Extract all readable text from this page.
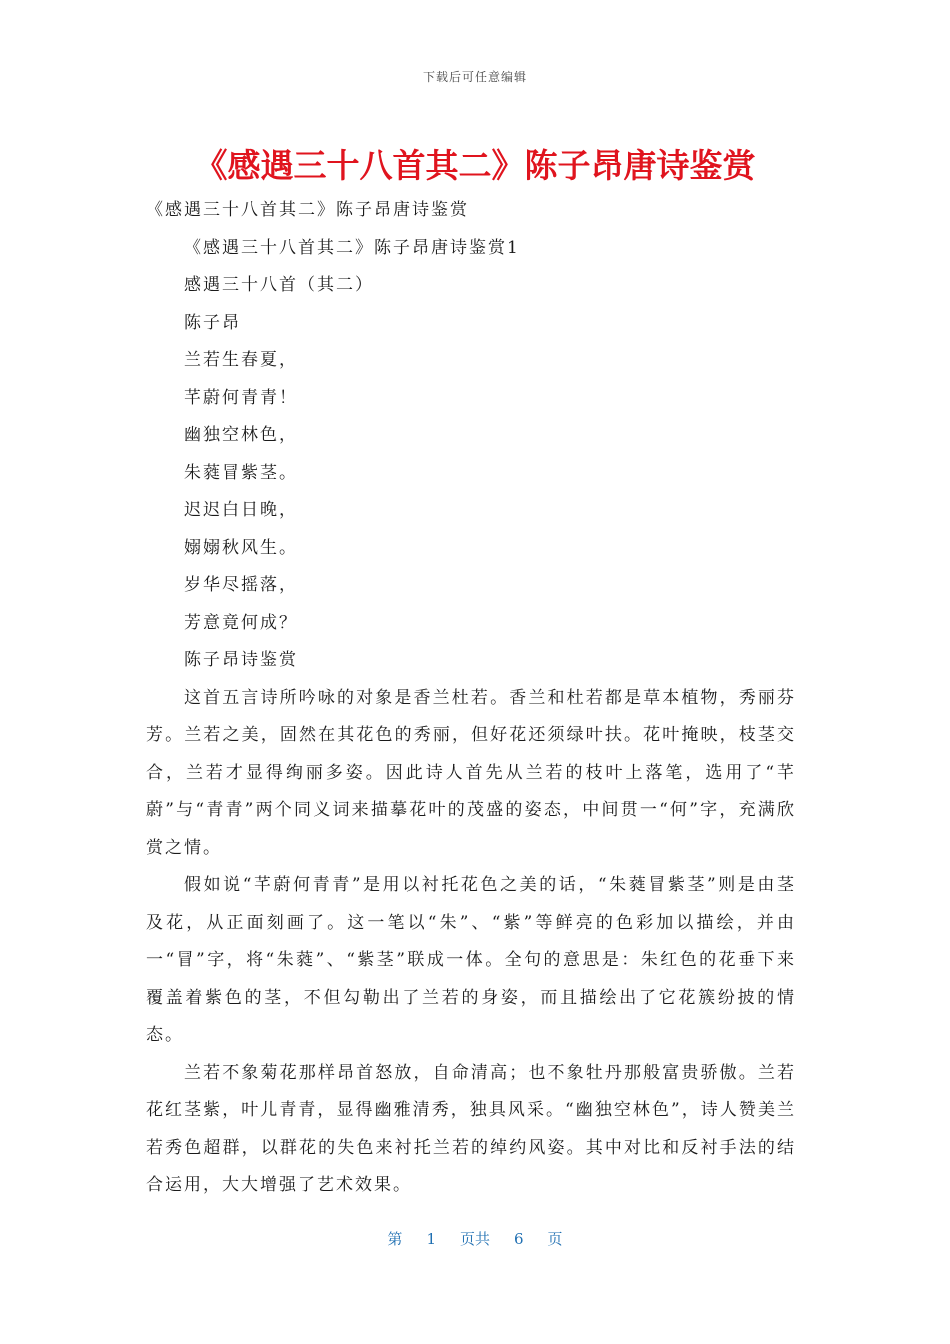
下载后可任意编辑
《感遇三十八首其二》陈子昂唐诗鉴赏

《感遇三十八首其二》陈子昂唐诗鉴赏

《感遇三十八首其二》陈子昂唐诗鉴赏1

感遇三十八首（其二）

陈子昂

兰若生春夏，

芊蔚何青青！

幽独空林色，

朱蕤冒紫茎。

迟迟白日晚，

嫋嫋秋风生。

岁华尽摇落，

芳意竟何成？

陈子昂诗鉴赏

这首五言诗所吟咏的对象是香兰杜若。香兰和杜若都是草本植物，秀丽芬芳。兰若之美，固然在其花色的秀丽，但好花还须绿叶扶。花叶掩映，枝茎交合，兰若才显得绚丽多姿。因此诗人首先从兰若的枝叶上落笔，选用了“芊蔚”与“青青”两个同义词来描摹花叶的茂盛的姿态，中间贯一“何”字，充满欣赏之情。

假如说“芊蔚何青青”是用以衬托花色之美的话，“朱蕤冒紫茎”则是由茎及花，从正面刻画了。这一笔以“朱”、“紫”等鲜亮的色彩加以描绘，并由一“冒”字，将“朱蕤”、“紫茎”联成一体。全句的意思是：朱红色的花垂下来覆盖着紫色的茎，不但勾勒出了兰若的身姿，而且描绘出了它花簇纷披的情态。

兰若不象菊花那样昂首怒放，自命清高；也不象牡丹那般富贵骄傲。兰若花红茎紫，叶儿青青，显得幽雅清秀，独具风采。“幽独空林色”，诗人赞美兰若秀色超群，以群花的失色来衬托兰若的绰约风姿。其中对比和反衬手法的结合运用，大大增强了艺术效果。

第 1 页共 6 页
